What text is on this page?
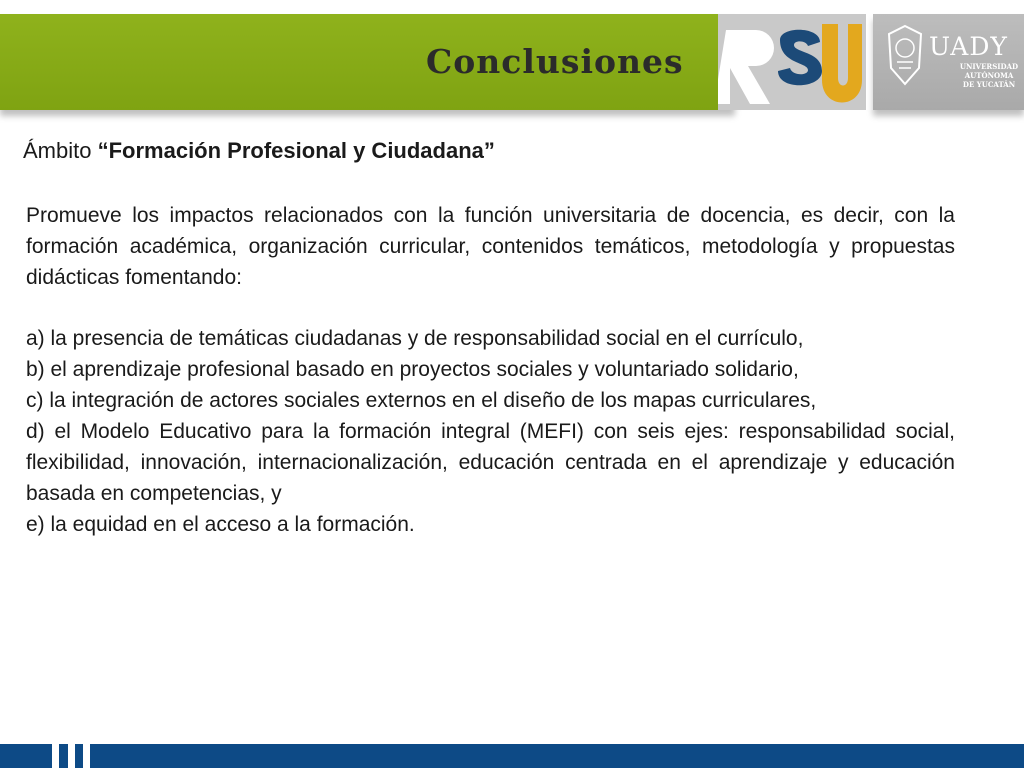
Conclusiones	UADY
UNIVERSIDAD
AUTÓNOMA
DE YUCATÁN
Ámbito “Formación Profesional y Ciudadana”

Promueve los impactos relacionados con la función universitaria de docencia, es decir, con la formación académica, organización curricular, contenidos temáticos, metodología y propuestas didácticas fomentando:

a) la presencia de temáticas ciudadanas y de responsabilidad social en el currículo,

b) el aprendizaje profesional basado en proyectos sociales y voluntariado solidario,

c) la integración de actores sociales externos en el diseño de los mapas curriculares,

d) el Modelo Educativo para la formación integral (MEFI) con seis ejes: responsabilidad social, flexibilidad, innovación, internacionalización, educación centrada en el aprendizaje y educación basada en competencias, y

e) la equidad en el acceso a la formación.
